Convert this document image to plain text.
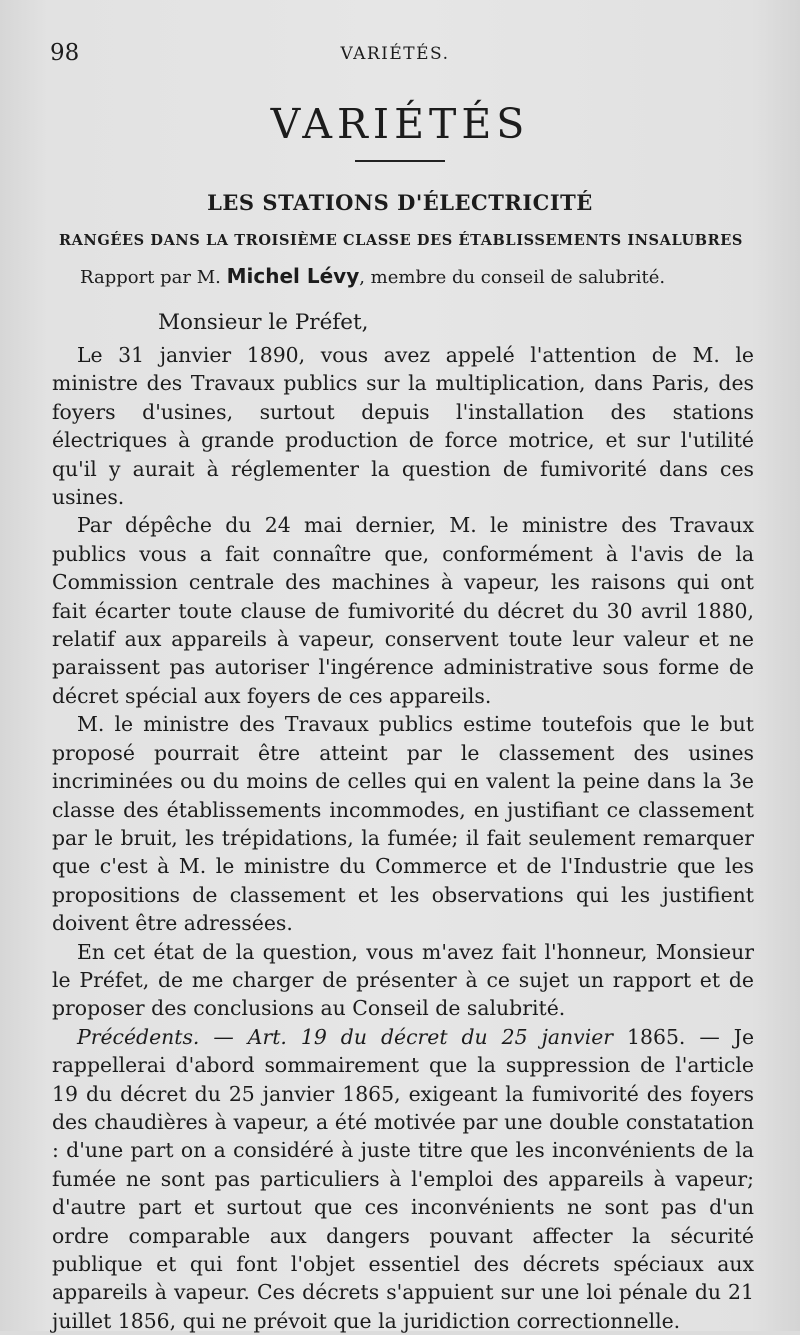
98	VARIÉTÉS.
VARIÉTÉS
LES STATIONS D'ÉLECTRICITÉ
RANGÉES DANS LA TROISIÈME CLASSE DES ÉTABLISSEMENTS INSALUBRES
Rapport par M. Michel Lévy, membre du conseil de salubrité.
Monsieur le Préfet,

Le 31 janvier 1890, vous avez appelé l'attention de M. le ministre des Travaux publics sur la multiplication, dans Paris, des foyers d'usines, surtout depuis l'installation des stations électriques à grande production de force motrice, et sur l'utilité qu'il y aurait à réglementer la question de fumivorité dans ces usines.

Par dépêche du 24 mai dernier, M. le ministre des Travaux publics vous a fait connaître que, conformément à l'avis de la Commission centrale des machines à vapeur, les raisons qui ont fait écarter toute clause de fumivorité du décret du 30 avril 1880, relatif aux appareils à vapeur, conservent toute leur valeur et ne paraissent pas autoriser l'ingérence administrative sous forme de décret spécial aux foyers de ces appareils.

M. le ministre des Travaux publics estime toutefois que le but proposé pourrait être atteint par le classement des usines incriminées ou du moins de celles qui en valent la peine dans la 3e classe des établissements incommodes, en justifiant ce classement par le bruit, les trépidations, la fumée; il fait seulement remarquer que c'est à M. le ministre du Commerce et de l'Industrie que les propositions de classement et les observations qui les justifient doivent être adressées.

En cet état de la question, vous m'avez fait l'honneur, Monsieur le Préfet, de me charger de présenter à ce sujet un rapport et de proposer des conclusions au Conseil de salubrité.

Précédents. — Art. 19 du décret du 25 janvier 1865. — Je rappellerai d'abord sommairement que la suppression de l'article 19 du décret du 25 janvier 1865, exigeant la fumivorité des foyers des chaudières à vapeur, a été motivée par une double constatation : d'une part on a considéré à juste titre que les inconvénients de la fumée ne sont pas particuliers à l'emploi des appareils à vapeur; d'autre part et surtout que ces inconvénients ne sont pas d'un ordre comparable aux dangers pouvant affecter la sécurité publique et qui font l'objet essentiel des décrets spéciaux aux appareils à vapeur. Ces décrets s'appuient sur une loi pénale du 21 juillet 1856, qui ne prévoit que la juridiction correctionnelle.
